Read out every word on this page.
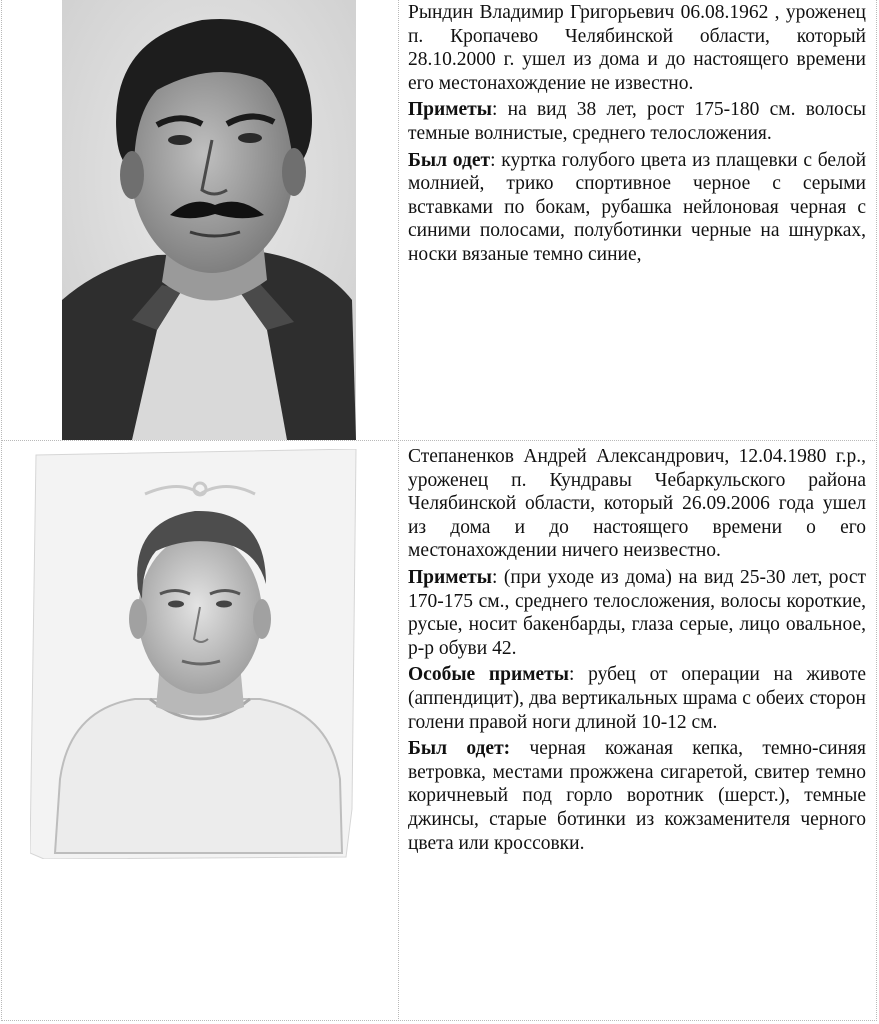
Рындин Владимир Григорьевич 06.08.1962 , уроженец п. Кропачево Челябинской области, который 28.10.2000 г. ушел из дома и до настоящего времени его местонахождение не известно.

Приметы: на вид 38 лет, рост 175-180 см. волосы темные волнистые, среднего телосложения.

Был одет: куртка голубого цвета из плащевки с белой молнией, трико спортивное черное с серыми вставками по бокам, рубашка нейлоновая черная с синими полосами, полуботинки черные на шнурках, носки вязаные темно синие,

Степаненков Андрей Александрович, 12.04.1980 г.р., уроженец п. Кундравы Чебаркульского района Челябинской области, который 26.09.2006 года ушел из дома и до настоящего времени о его местонахождении ничего неизвестно.

Приметы: (при уходе из дома) на вид 25-30 лет, рост 170-175 см., среднего телосложения, волосы короткие, русые, носит бакенбарды, глаза серые, лицо овальное, р-р обуви 42.

Особые приметы: рубец от операции на животе (аппендицит), два вертикальных шрама с обеих сторон голени правой ноги длиной 10-12 см.

Был одет: черная кожаная кепка, темно-синяя ветровка, местами прожжена сигаретой, свитер темно коричневый под горло воротник (шерст.), темные джинсы, старые ботинки из кожзаменителя черного цвета или кроссовки.
